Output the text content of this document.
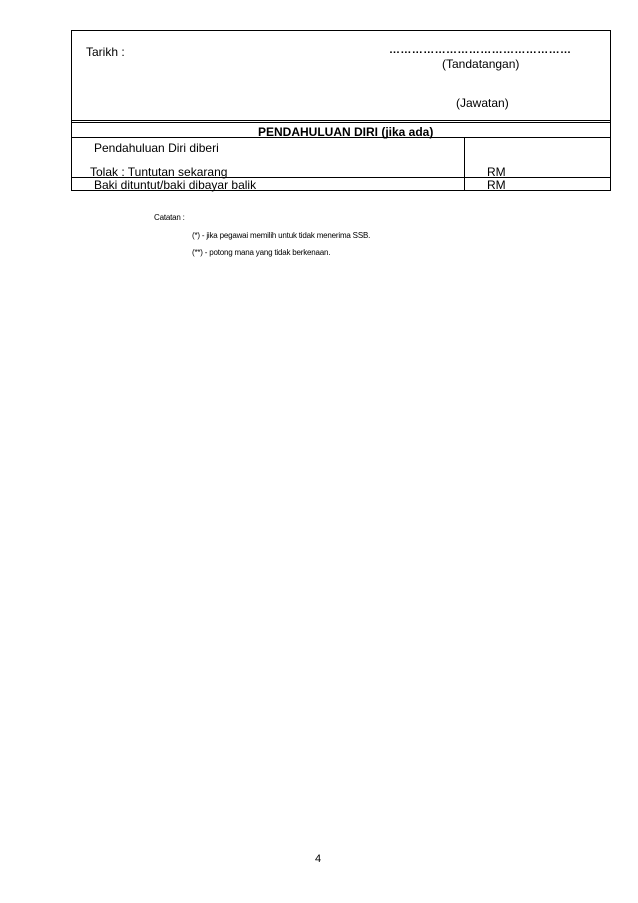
Tarikh :	…………………………………………
(Tandatangan)
(Jawatan)
PENDAHULUAN DIRI (jika ada)
Pendahuluan Diri diberi
Tolak : Tuntutan sekarang	RM
Baki dituntut/baki dibayar balik	RM
Catatan :
(*) - jika pegawai memilih untuk tidak menerima SSB.
(**) - potong mana yang tidak berkenaan.
4
